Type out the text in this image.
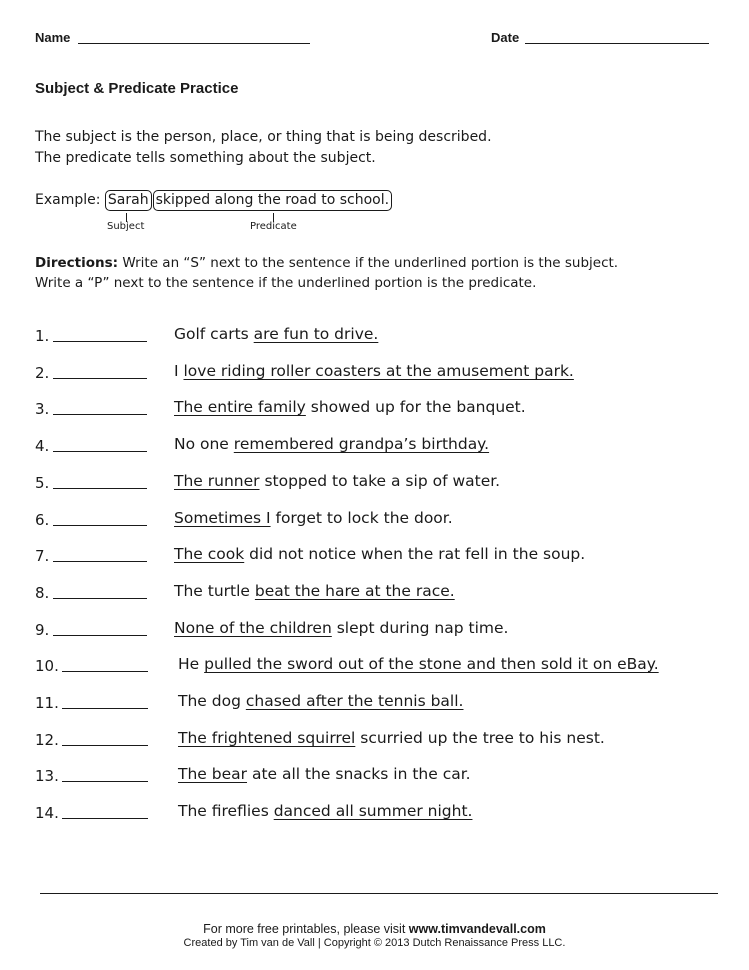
Name	Date
Subject & Predicate Practice
The subject is the person, place, or thing that is being described.
The predicate tells something about the subject.
Example: Sarah skipped along the road to school.
Subject	Predicate
Directions: Write an “S” next to the sentence if the underlined portion is the subject.
Write a “P” next to the sentence if the underlined portion is the predicate.
1.	Golf carts are fun to drive.
2.	I love riding roller coasters at the amusement park.
3.	The entire family showed up for the banquet.
4.	No one remembered grandpa’s birthday.
5.	The runner stopped to take a sip of water.
6.	Sometimes I forget to lock the door.
7.	The cook did not notice when the rat fell in the soup.
8.	The turtle beat the hare at the race.
9.	None of the children slept during nap time.
10.	He pulled the sword out of the stone and then sold it on eBay.
11.	The dog chased after the tennis ball.
12.	The frightened squirrel scurried up the tree to his nest.
13.	The bear ate all the snacks in the car.
14.	The fireflies danced all summer night.
For more free printables, please visit www.timvandevall.com
Created by Tim van de Vall | Copyright © 2013 Dutch Renaissance Press LLC.
